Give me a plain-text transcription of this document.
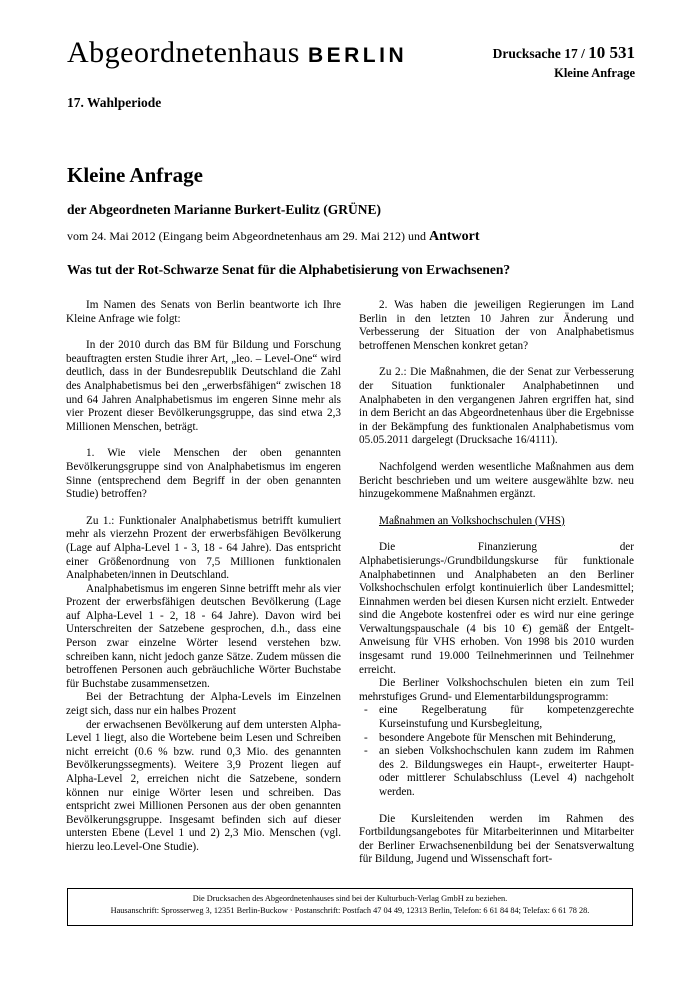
Abgeordnetenhaus BERLIN	Drucksache 17 / 10 531
Kleine Anfrage
17. Wahlperiode
Kleine Anfrage
der Abgeordneten Marianne Burkert-Eulitz (GRÜNE)
vom 24. Mai 2012 (Eingang beim Abgeordnetenhaus am 29. Mai 212) und Antwort
Was tut der Rot-Schwarze Senat für die Alphabetisierung von Erwachsenen?

Im Namen des Senats von Berlin beantworte ich Ihre Kleine Anfrage wie folgt:

In der 2010 durch das BM für Bildung und Forschung beauftragten ersten Studie ihrer Art, „leo. – Level-One“ wird deutlich, dass in der Bundesrepublik Deutschland die Zahl des Analphabetismus bei den „erwerbsfähigen“ zwischen 18 und 64 Jahren Analphabetismus im engeren Sinne mehr als vier Prozent dieser Bevölkerungsgruppe, das sind etwa 2,3 Millionen Menschen, beträgt.

1. Wie viele Menschen der oben genannten Bevölkerungsgruppe sind von Analphabetismus im engeren Sinne (entsprechend dem Begriff in der oben genannten Studie) betroffen?

Zu 1.: Funktionaler Analphabetismus betrifft kumuliert mehr als vierzehn Prozent der erwerbsfähigen Bevölkerung (Lage auf Alpha-Level 1 - 3, 18 - 64 Jahre). Das entspricht einer Größenordnung von 7,5 Millionen funktionalen Analphabeten/innen in Deutschland.

Analphabetismus im engeren Sinne betrifft mehr als vier Prozent der erwerbsfähigen deutschen Bevölkerung (Lage auf Alpha-Level 1 - 2, 18 - 64 Jahre). Davon wird bei Unterschreiten der Satzebene gesprochen, d.h., dass eine Person zwar einzelne Wörter lesend verstehen bzw. schreiben kann, nicht jedoch ganze Sätze. Zudem müssen die betroffenen Personen auch gebräuchliche Wörter Buchstabe für Buchstabe zusammensetzen.

Bei der Betrachtung der Alpha-Levels im Einzelnen zeigt sich, dass nur ein halbes Prozent

der erwachsenen Bevölkerung auf dem untersten Alpha-Level 1 liegt, also die Wortebene beim Lesen und Schreiben nicht erreicht (0.6 % bzw. rund 0,3 Mio. des genannten Bevölkerungssegments). Weitere 3,9 Prozent liegen auf Alpha-Level 2, erreichen nicht die Satzebene, sondern können nur einige Wörter lesen und schreiben. Das entspricht zwei Millionen Personen aus der oben genannten Bevölkerungsgruppe. Insgesamt befinden sich auf dieser untersten Ebene (Level 1 und 2) 2,3 Mio. Menschen (vgl. hierzu leo.Level-One Studie).

2. Was haben die jeweiligen Regierungen im Land Berlin in den letzten 10 Jahren zur Änderung und Verbesserung der Situation der von Analphabetismus betroffenen Menschen konkret getan?

Zu 2.: Die Maßnahmen, die der Senat zur Verbesserung der Situation funktionaler Analphabetinnen und Analphabeten in den vergangenen Jahren ergriffen hat, sind in dem Bericht an das Abgeordnetenhaus über die Ergebnisse in der Bekämpfung des funktionalen Analphabetismus vom 05.05.2011 dargelegt (Drucksache 16/4111).

Nachfolgend werden wesentliche Maßnahmen aus dem Bericht beschrieben und um weitere ausgewählte bzw. neu hinzugekommene Maßnahmen ergänzt.

Maßnahmen an Volkshochschulen (VHS)

Die Finanzierung der Alphabetisierungs-/Grundbildungskurse für funktionale Analphabetinnen und Analphabeten an den Berliner Volkshochschulen erfolgt kontinuierlich über Landesmittel; Einnahmen werden bei diesen Kursen nicht erzielt. Entweder sind die Angebote kostenfrei oder es wird nur eine geringe Verwaltungspauschale (4 bis 10 €) gemäß der Entgelt-Anweisung für VHS erhoben. Von 1998 bis 2010 wurden insgesamt rund 19.000 Teilnehmerinnen und Teilnehmer erreicht.

Die Berliner Volkshochschulen bieten ein zum Teil mehrstufiges Grund- und Elementarbildungsprogramm:

- eine Regelberatung für kompetenzgerechte Kurseinstufung und Kursbegleitung,
- besondere Angebote für Menschen mit Behinderung,
- an sieben Volkshochschulen kann zudem im Rahmen des 2. Bildungsweges ein Haupt-, erweiterter Haupt- oder mittlerer Schulabschluss (Level 4) nachgeholt werden.

Die Kursleitenden werden im Rahmen des Fortbildungsangebotes für Mitarbeiterinnen und Mitarbeiter der Berliner Erwachsenenbildung bei der Senatsverwaltung für Bildung, Jugend und Wissenschaft fort-

Die Drucksachen des Abgeordnetenhauses sind bei der Kulturbuch-Verlag GmbH zu beziehen.
Hausanschrift: Sprosserweg 3, 12351 Berlin-Buckow · Postanschrift: Postfach 47 04 49, 12313 Berlin, Telefon: 6 61 84 84; Telefax: 6 61 78 28.
